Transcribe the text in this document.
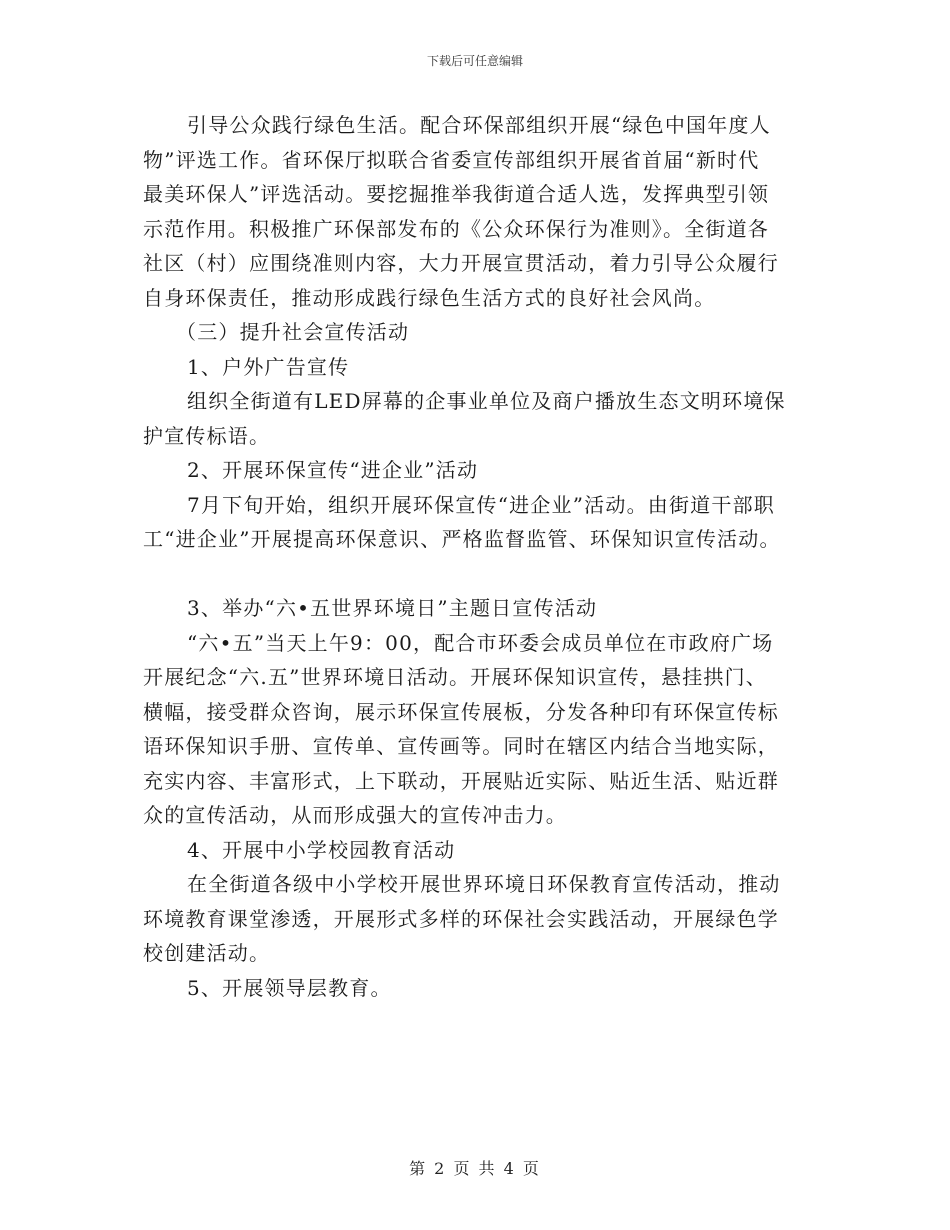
下载后可任意编辑
引导公众践行绿色生活。配合环保部组织开展“绿色中国年度人
物”评选工作。省环保厅拟联合省委宣传部组织开展省首届“新时代
最美环保人”评选活动。要挖掘推举我街道合适人选，发挥典型引领
示范作用。积极推广环保部发布的《公众环保行为准则》。全街道各
社区（村）应围绕准则内容，大力开展宣贯活动，着力引导公众履行
自身环保责任，推动形成践行绿色生活方式的良好社会风尚。
（三）提升社会宣传活动
1、户外广告宣传
组织全街道有LED屏幕的企事业单位及商户播放生态文明环境保
护宣传标语。
2、开展环保宣传“进企业”活动
7月下旬开始，组织开展环保宣传“进企业”活动。由街道干部职
工“进企业”开展提高环保意识、严格监督监管、环保知识宣传活动。
3、举办“六•五世界环境日”主题日宣传活动
“六•五”当天上午9：00，配合市环委会成员单位在市政府广场
开展纪念“六.五”世界环境日活动。开展环保知识宣传，悬挂拱门、
横幅，接受群众咨询，展示环保宣传展板，分发各种印有环保宣传标
语环保知识手册、宣传单、宣传画等。同时在辖区内结合当地实际，
充实内容、丰富形式，上下联动，开展贴近实际、贴近生活、贴近群
众的宣传活动，从而形成强大的宣传冲击力。
4、开展中小学校园教育活动
在全街道各级中小学校开展世界环境日环保教育宣传活动，推动
环境教育课堂渗透，开展形式多样的环保社会实践活动，开展绿色学
校创建活动。
5、开展领导层教育。
第 2 页 共 4 页
